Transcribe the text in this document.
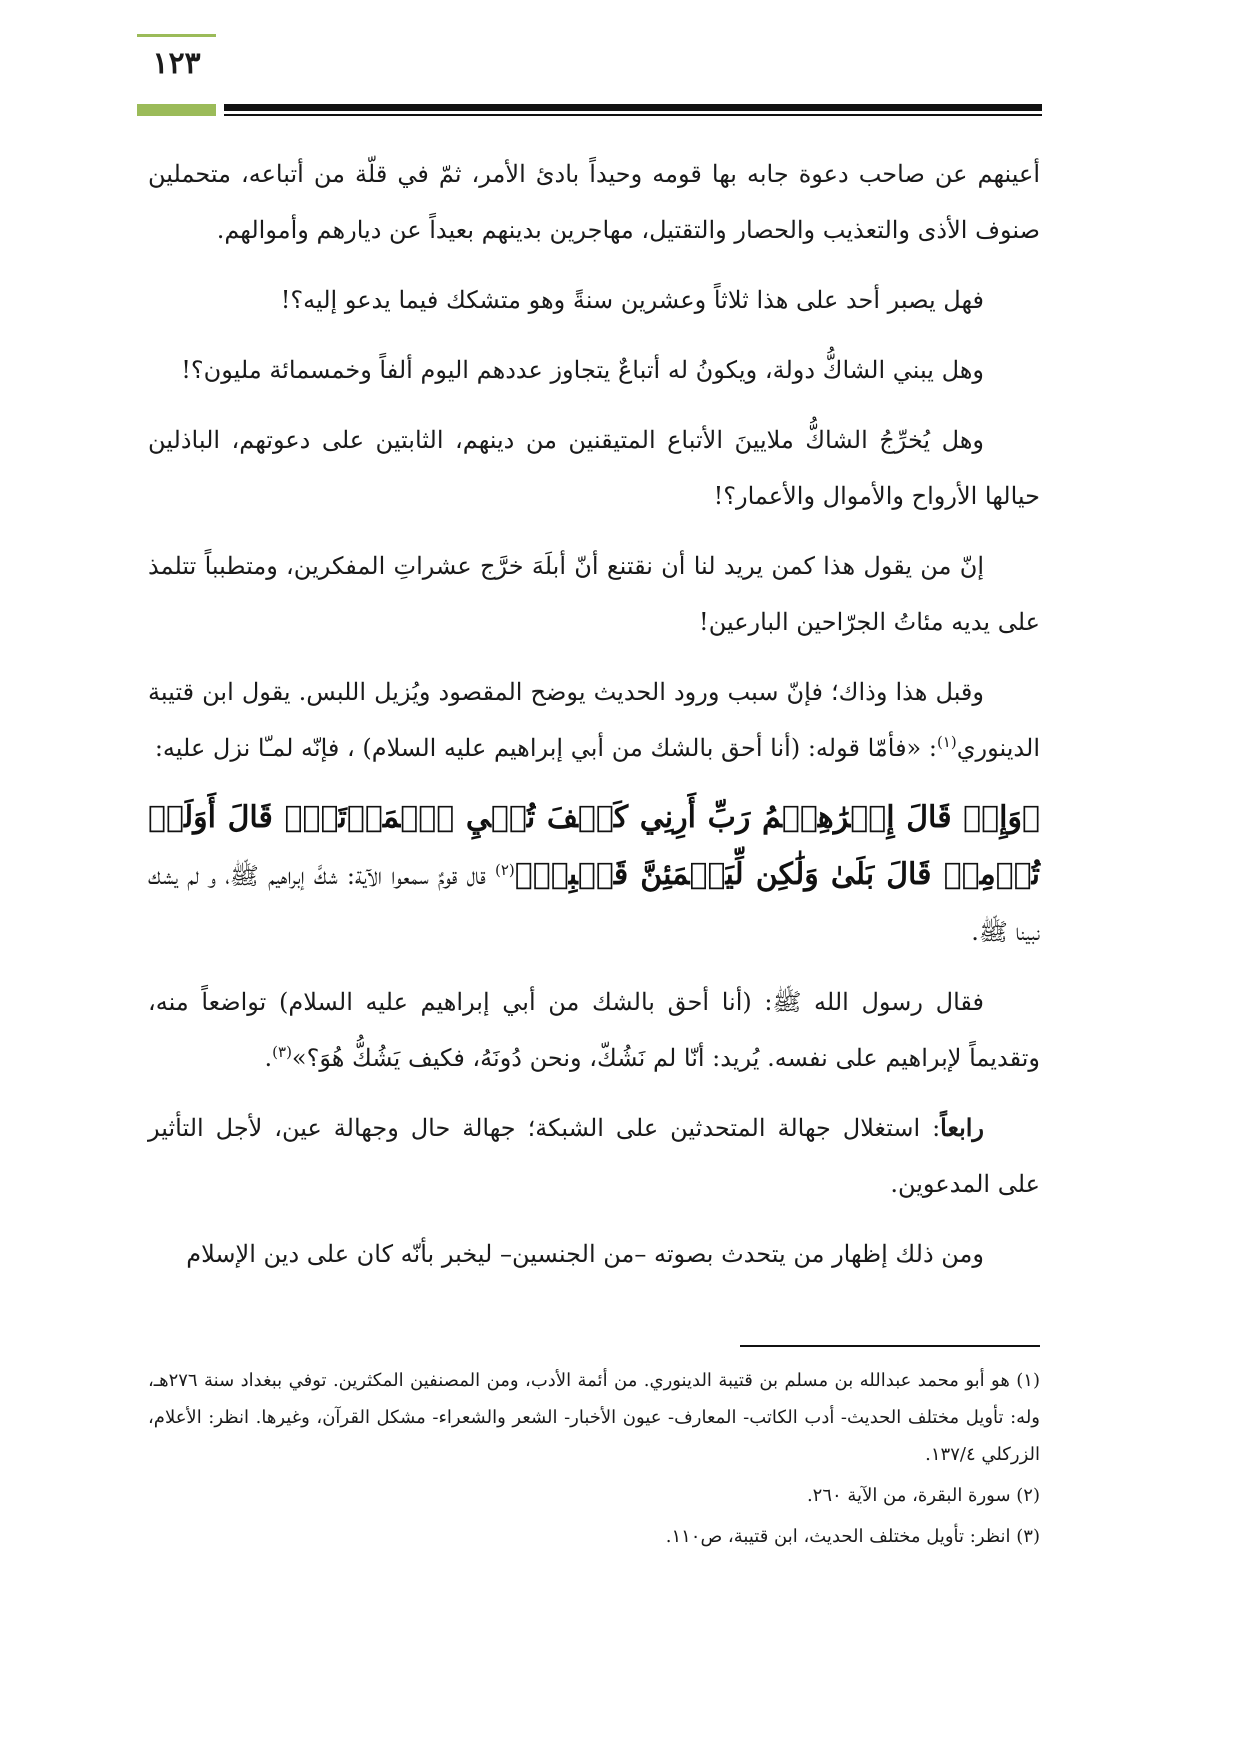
١٢٣

أعينهم عن صاحب دعوة جابه بها قومه وحيداً بادئ الأمر، ثمّ في قلّة من أتباعه، متحملين صنوف الأذى والتعذيب والحصار والتقتيل، مهاجرين بدينهم بعيداً عن ديارهم وأموالهم.

فهل يصبر أحد على هذا ثلاثاً وعشرين سنةً وهو متشكك فيما يدعو إليه؟!

وهل يبني الشاكُّ دولة، ويكونُ له أتباعٌ يتجاوز عددهم اليوم ألفاً وخمسمائة مليون؟!

وهل يُخرِّجُ الشاكُّ ملايينَ الأتباع المتيقنين من دينهم، الثابتين على دعوتهم، الباذلين حيالها الأرواح والأموال والأعمار؟!

إنّ من يقول هذا كمن يريد لنا أن نقتنع أنّ أبلَهَ خرَّج عشراتِ المفكرين، ومتطبباً تتلمذ على يديه مئاتُ الجرّاحين البارعين!

وقبل هذا وذاك؛ فإنّ سبب ورود الحديث يوضح المقصود ويُزيل اللبس. يقول ابن قتيبة الدينوري$^{(١)}$: «فأمّا قوله: (أنا أحق بالشك من أبي إبراهيم عليه السلام) ، فإنّه لمـّا نزل عليه:

﴿وَإِذۡ قَالَ إِبۡرَٰهِـۧمُ رَبِّ أَرِنِي كَيۡفَ تُحۡيِ ٱلۡمَوۡتَىٰۖ قَالَ أَوَلَمۡ تُؤۡمِنۖ قَالَ بَلَىٰ وَلَٰكِن لِّيَطۡمَئِنَّ قَلۡبِيۖ﴾$^{(٢)}$ قال قومٌ سمعوا الآية: شكَّ إبراهيم ﷺ، و لم يشك نبينا ﷺ.

فقال رسول الله ﷺ: (أنا أحق بالشك من أبي إبراهيم عليه السلام) تواضعاً منه، وتقديماً لإبراهيم على نفسه. يُريد: أنّا لم نَشُكّ، ونحن دُونَهُ، فكيف يَشُكُّ هُوَ؟»$^{(٣)}$.

رابعاً: استغلال جهالة المتحدثين على الشبكة؛ جهالة حال وجهالة عين، لأجل التأثير على المدعوين.

ومن ذلك إظهار من يتحدث بصوته –من الجنسين– ليخبر بأنّه كان على دين الإسلام

(١) هو أبو محمد عبدالله بن مسلم بن قتيبة الدينوري. من أئمة الأدب، ومن المصنفين المكثرين. توفي ببغداد سنة ٢٧٦هـ، وله: تأويل مختلف الحديث- أدب الكاتب- المعارف- عيون الأخبار- الشعر والشعراء- مشكل القرآن، وغيرها. انظر: الأعلام، الزركلي ١٣٧/٤.

(٢) سورة البقرة، من الآية ٢٦٠.

(٣) انظر: تأويل مختلف الحديث، ابن قتيبة، ص١١٠.
